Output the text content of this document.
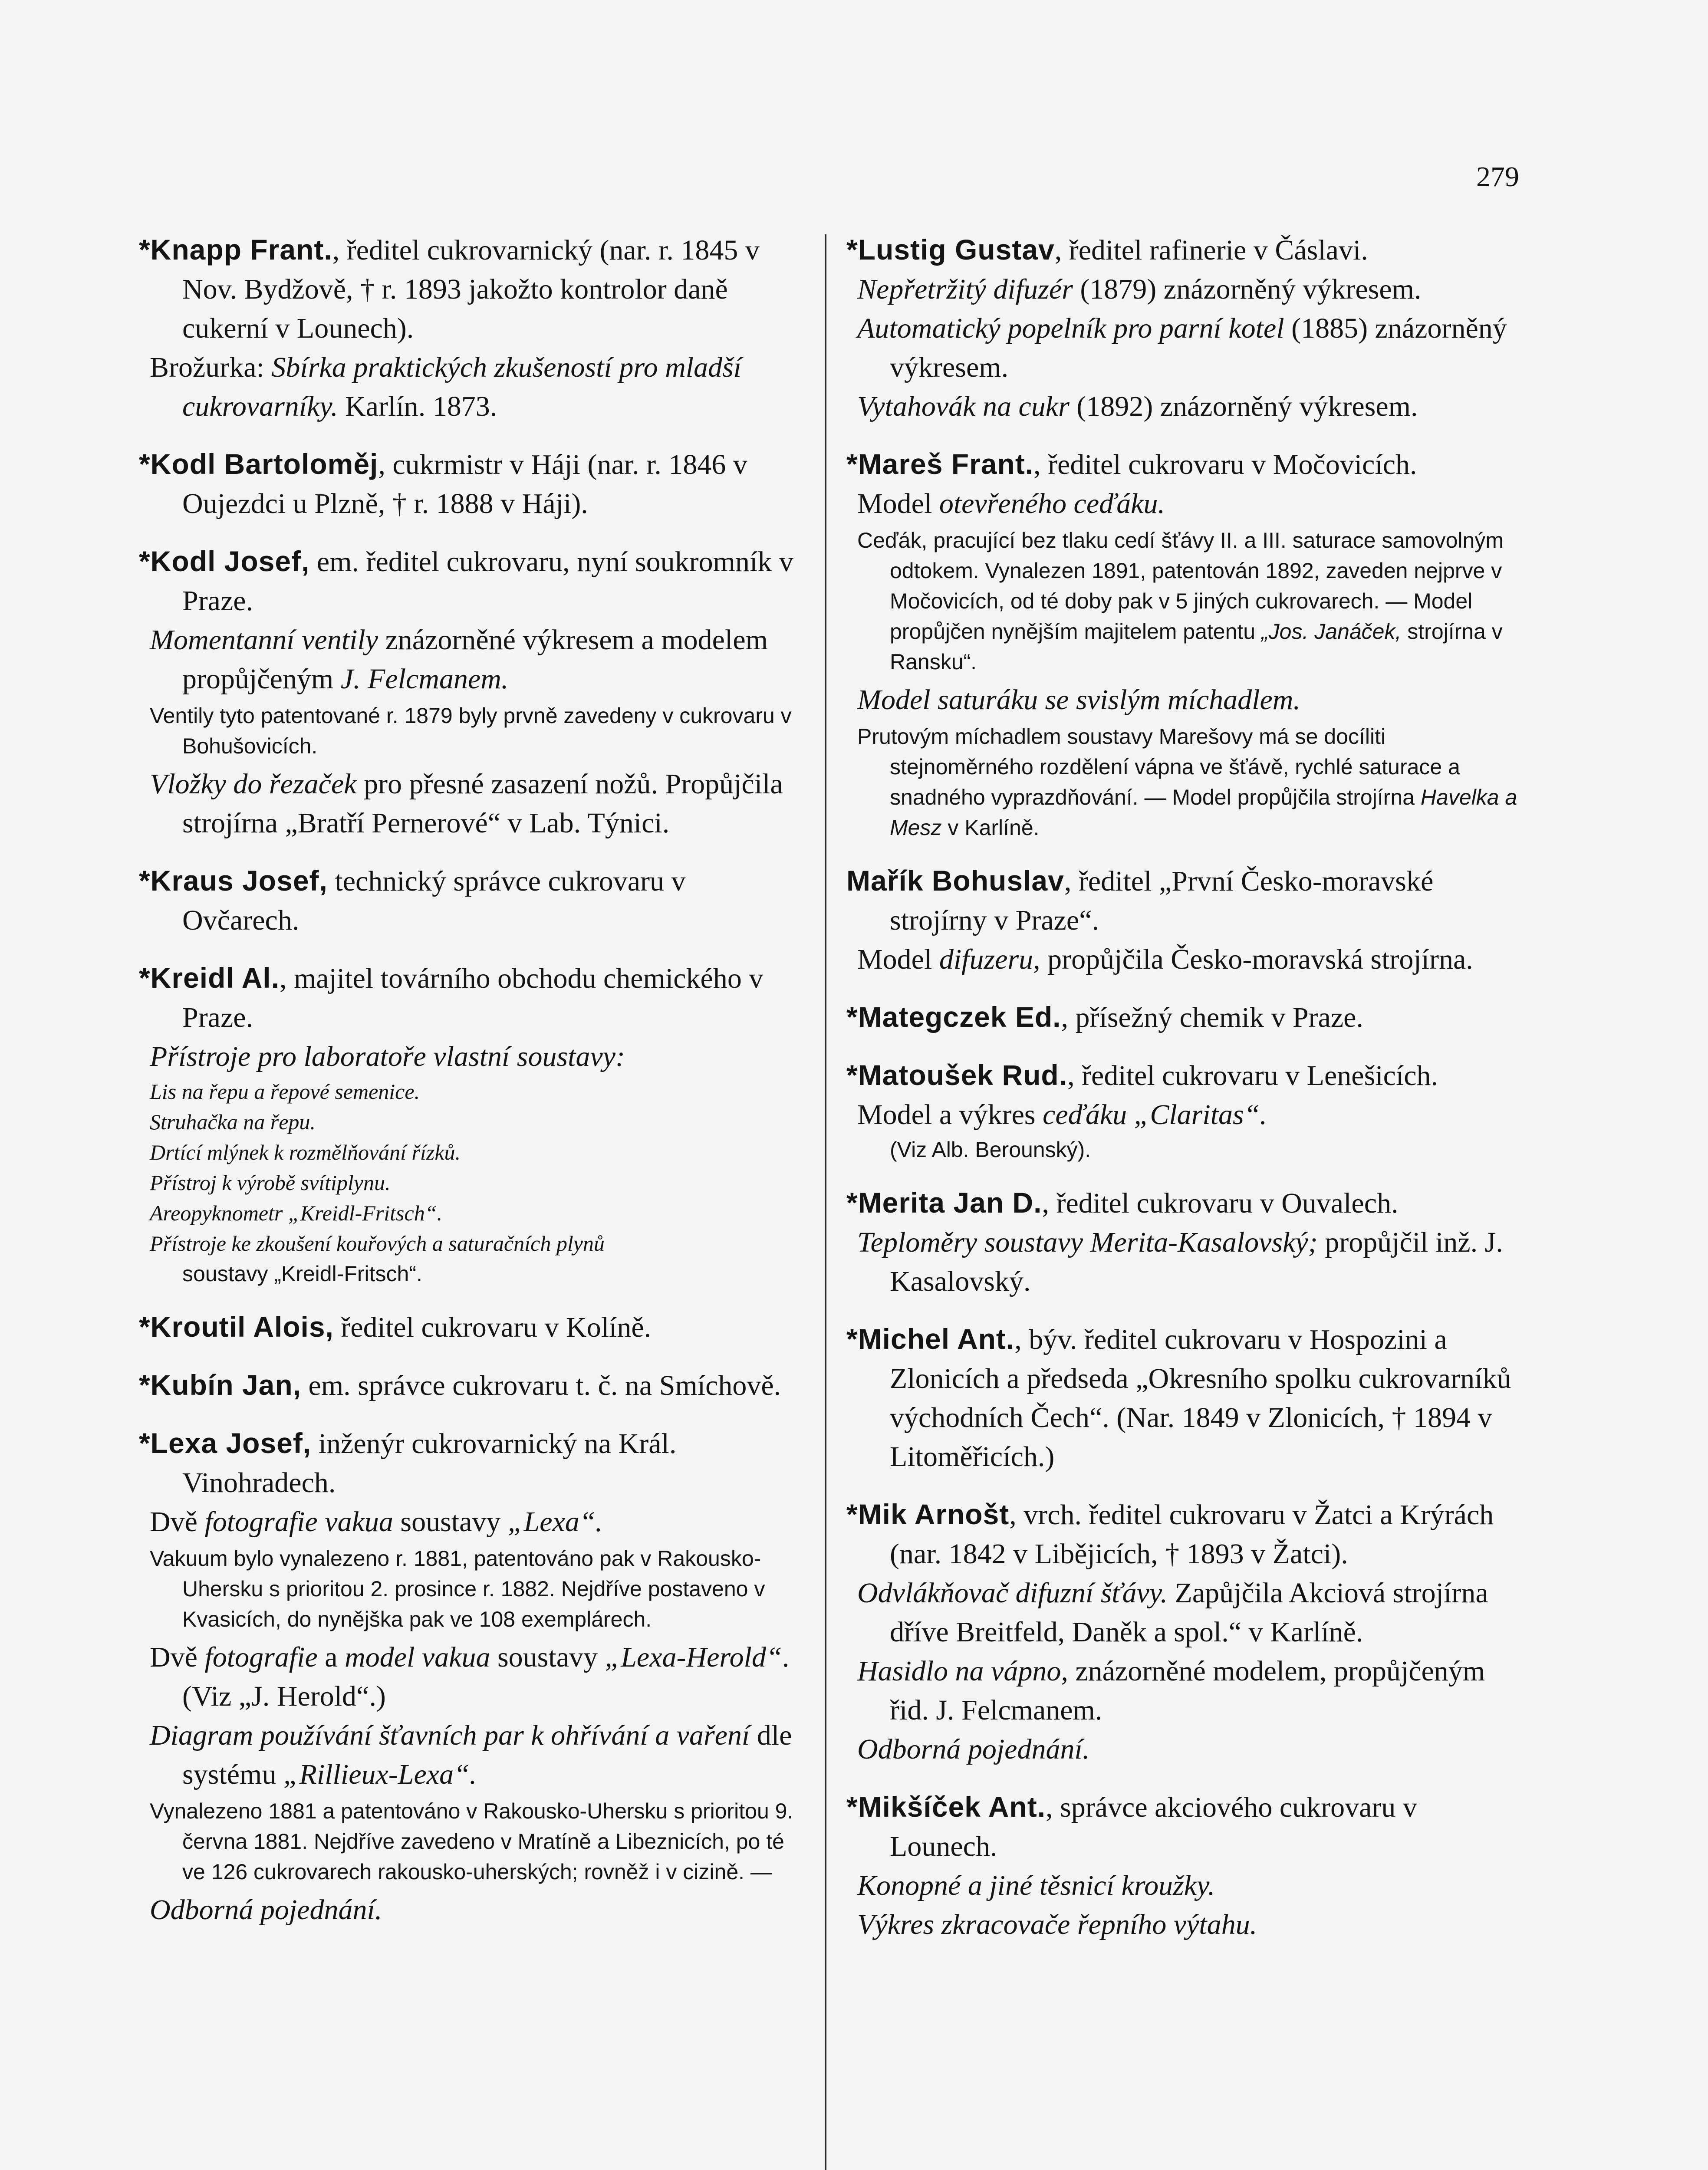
279

*Knapp Frant., ředitel cukrovarnický (nar. r. 1845 v Nov. Bydžově, † r. 1893 jakožto kontrolor daně cukerní v Lounech).

Brožurka: Sbírka praktických zkušeností pro mladší cukrovarníky. Karlín. 1873.

*Kodl Bartoloměj, cukrmistr v Háji (nar. r. 1846 v Oujezdci u Plzně, † r. 1888 v Háji).

*Kodl Josef, em. ředitel cukrovaru, nyní soukromník v Praze.

Momentanní ventily znázorněné výkresem a modelem propůjčeným J. Felcmanem.

Ventily tyto patentované r. 1879 byly prvně zavedeny v cukrovaru v Bohušovicích.

Vložky do řezaček pro přesné zasazení nožů. Propůjčila strojírna „Bratří Pernerové“ v Lab. Týnici.

*Kraus Josef, technický správce cukrovaru v Ovčarech.

*Kreidl Al., majitel továrního obchodu chemického v Praze.

Přístroje pro laboratoře vlastní soustavy:

Lis na řepu a řepové semenice.

Struhačka na řepu.

Drtící mlýnek k rozmělňování řízků.

Přístroj k výrobě svítiplynu.

Areopyknometr „Kreidl-Fritsch“.

Přístroje ke zkoušení kouřových a saturačních plynů

soustavy „Kreidl-Fritsch“.

*Kroutil Alois, ředitel cukrovaru v Kolíně.

*Kubín Jan, em. správce cukrovaru t. č. na Smíchově.

*Lexa Josef, inženýr cukrovarnický na Král. Vinohradech.

Dvě fotografie vakua soustavy „Lexa“.

Vakuum bylo vynalezeno r. 1881, patentováno pak v Rakousko-Uhersku s prioritou 2. prosince r. 1882. Nejdříve postaveno v Kvasicích, do nynějška pak ve 108 exemplárech.

Dvě fotografie a model vakua soustavy „Lexa-Herold“. (Viz „J. Herold“.)

Diagram používání šťavních par k ohřívání a vaření dle systému „Rillieux-Lexa“.

Vynalezeno 1881 a patentováno v Rakousko-Uhersku s prioritou 9. června 1881. Nejdříve zavedeno v Mratíně a Libeznicích, po té ve 126 cukrovarech rakousko-uherských; rovněž i v cizině. —

Odborná pojednání.

*Lustig Gustav, ředitel rafinerie v Čáslavi.

Nepřetržitý difuzér (1879) znázorněný výkresem.

Automatický popelník pro parní kotel (1885) znázorněný výkresem.

Vytahovák na cukr (1892) znázorněný výkresem.

*Mareš Frant., ředitel cukrovaru v Močovicích.

Model otevřeného ceďáku.

Ceďák, pracující bez tlaku cedí šťávy II. a III. saturace samovolným odtokem. Vynalezen 1891, patentován 1892, zaveden nejprve v Močovicích, od té doby pak v 5 jiných cukrovarech. — Model propůjčen nynějším majitelem patentu „Jos. Janáček, strojírna v Ransku“.

Model saturáku se svislým míchadlem.

Prutovým míchadlem soustavy Marešovy má se docíliti stejnoměrného rozdělení vápna ve šťávě, rychlé saturace a snadného vyprazdňování. — Model propůjčila strojírna Havelka a Mesz v Karlíně.

Mařík Bohuslav, ředitel „První Česko-moravské strojírny v Praze“.

Model difuzeru, propůjčila Česko-moravská strojírna.

*Mategczek Ed., přísežný chemik v Praze.

*Matoušek Rud., ředitel cukrovaru v Lenešicích.

Model a výkres ceďáku „Claritas“.

(Viz Alb. Berounský).

*Merita Jan D., ředitel cukrovaru v Ouvalech.

Teploměry soustavy Merita-Kasalovský; propůjčil inž. J. Kasalovský.

*Michel Ant., býv. ředitel cukrovaru v Hospozini a Zlonicích a předseda „Okresního spolku cukrovarníků východních Čech“. (Nar. 1849 v Zlonicích, † 1894 v Litoměřicích.)

*Mik Arnošt, vrch. ředitel cukrovaru v Žatci a Krýrách (nar. 1842 v Libějicích, † 1893 v Žatci).

Odvlákňovač difuzní šťávy. Zapůjčila Akciová strojírna dříve Breitfeld, Daněk a spol.“ v Karlíně.

Hasidlo na vápno, znázorněné modelem, propůjčeným řid. J. Felcmanem.

Odborná pojednání.

*Mikšíček Ant., správce akciového cukrovaru v Lounech.

Konopné a jiné těsnicí kroužky.

Výkres zkracovače řepního výtahu.
